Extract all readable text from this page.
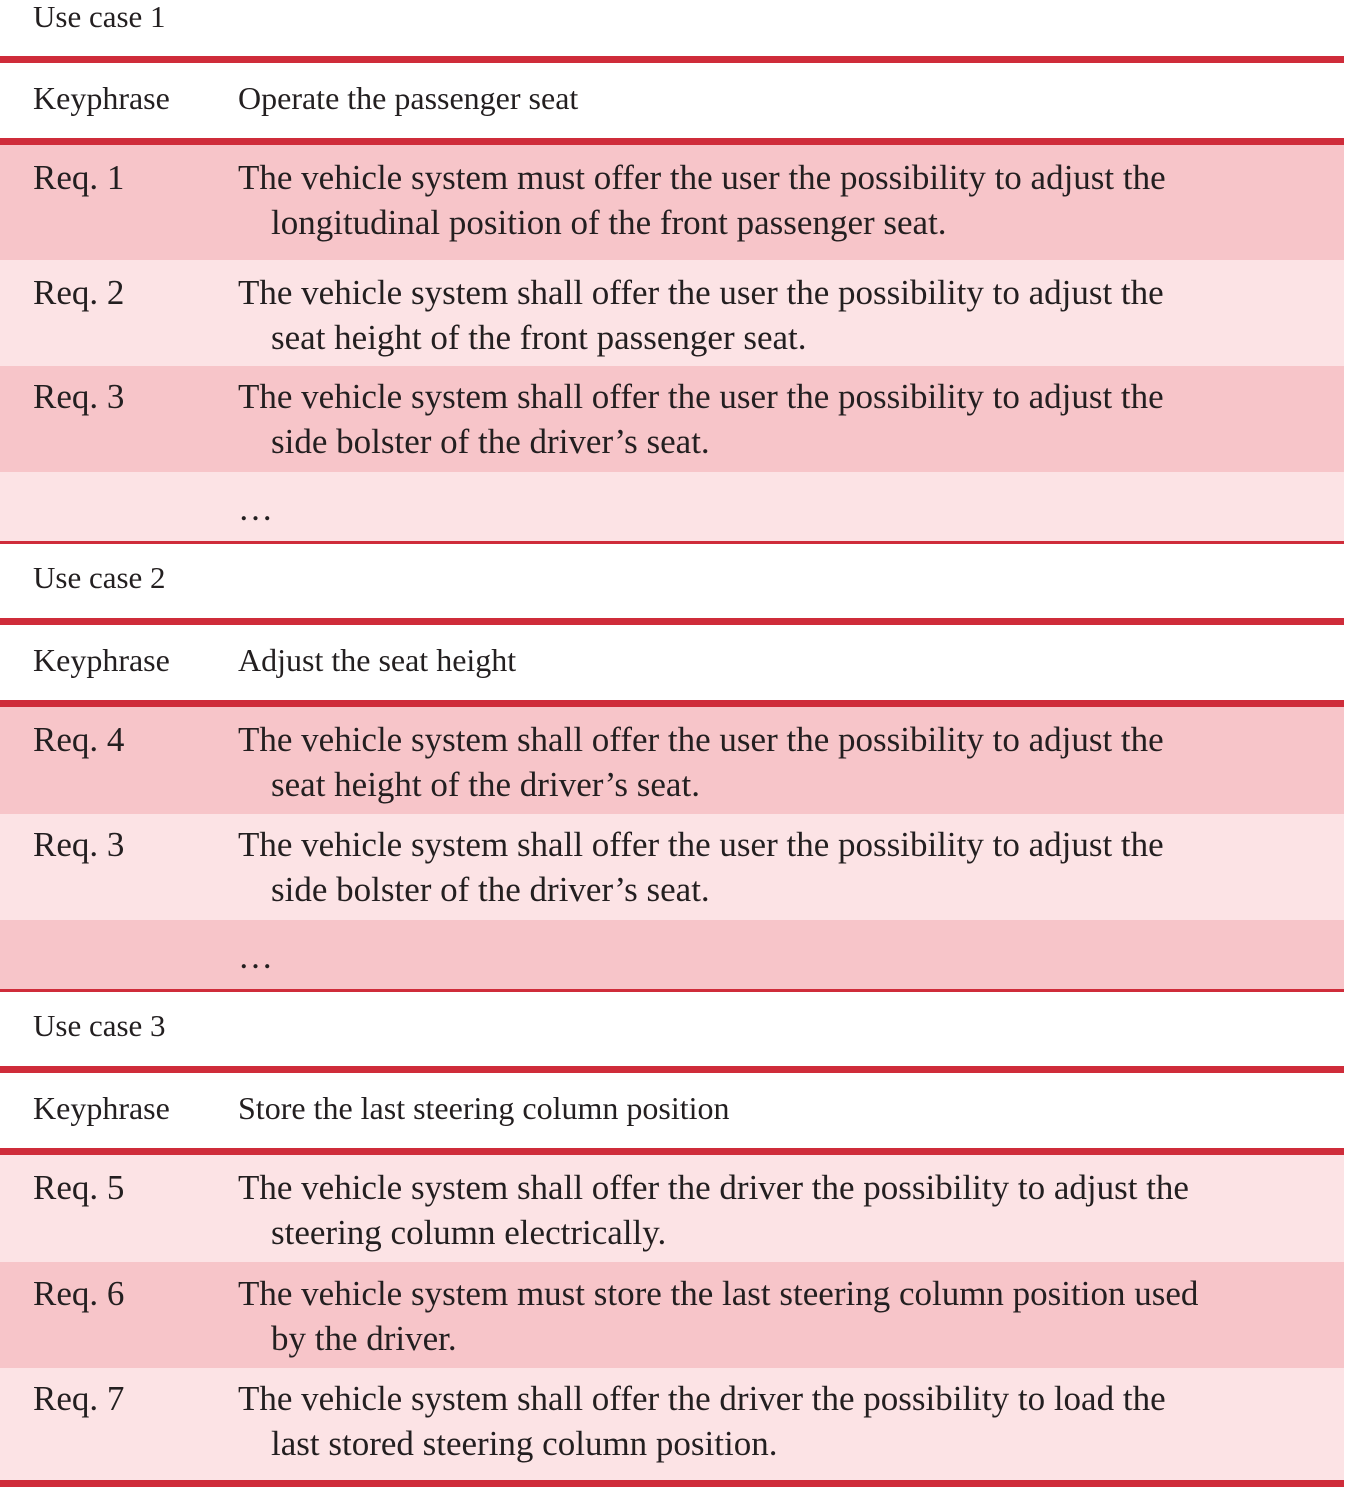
Use case 1
Keyphrase Operate the passenger seat
Req. 1	The vehicle system must offer the user the possibility to adjust the
longitudinal position of the front passenger seat.
Req. 2	The vehicle system shall offer the user the possibility to adjust the
seat height of the front passenger seat.
Req. 3	The vehicle system shall offer the user the possibility to adjust the
side bolster of the driver’s seat.
…
Use case 2
Keyphrase Adjust the seat height
Req. 4	The vehicle system shall offer the user the possibility to adjust the
seat height of the driver’s seat.
Req. 3	The vehicle system shall offer the user the possibility to adjust the
side bolster of the driver’s seat.
…
Use case 3
Keyphrase Store the last steering column position
Req. 5	The vehicle system shall offer the driver the possibility to adjust the
steering column electrically.
Req. 6	The vehicle system must store the last steering column position used
by the driver.
Req. 7	The vehicle system shall offer the driver the possibility to load the
last stored steering column position.
